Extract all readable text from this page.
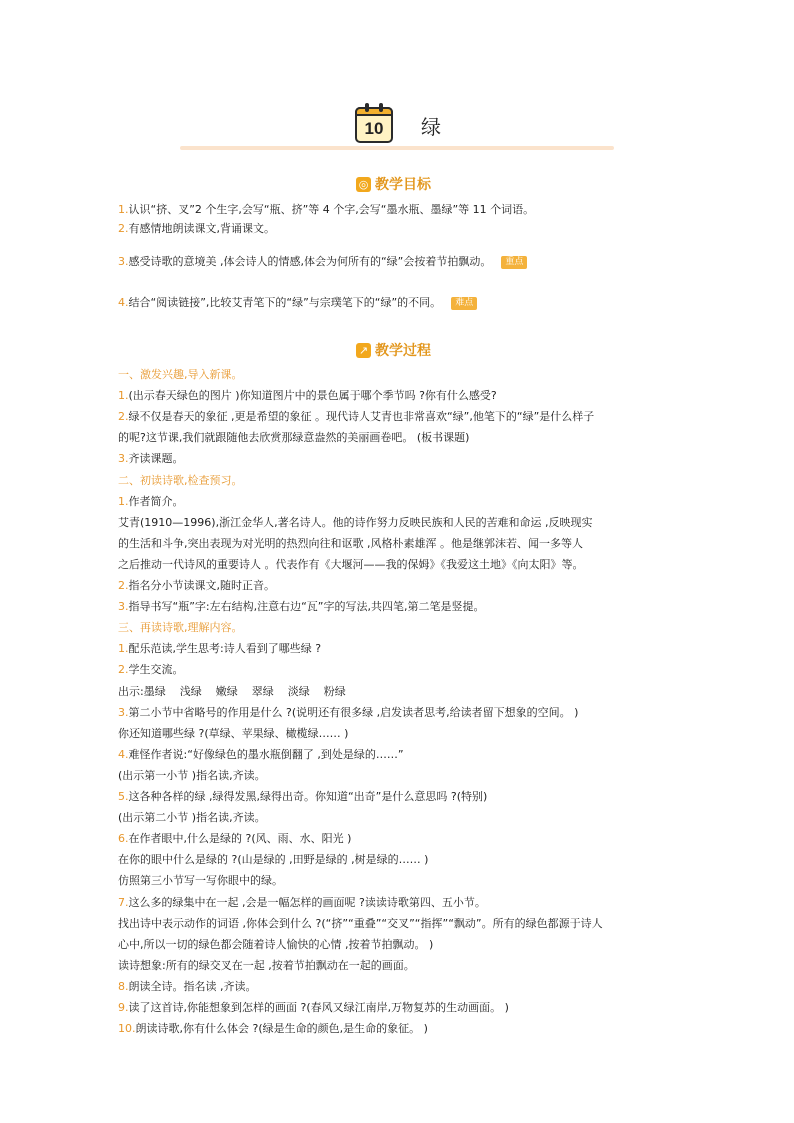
10	绿
◎ 教学目标
1.认识“挤、叉”2 个生字,会写“瓶、挤”等 4 个字,会写“墨水瓶、墨绿”等 11 个词语。
2.有感情地朗读课文,背诵课文。
3.感受诗歌的意境美 ,体会诗人的情感,体会为何所有的“绿”会按着节拍飘动。 重点
4.结合“阅读链接”,比较艾青笔下的“绿”与宗璞笔下的“绿”的不同。 难点
↗ 教学过程
一、激发兴趣,导入新课。
1.(出示春天绿色的图片 )你知道图片中的景色属于哪个季节吗 ?你有什么感受?
2.绿不仅是春天的象征 ,更是希望的象征 。现代诗人艾青也非常喜欢“绿”,他笔下的“绿”是什么样子
的呢?这节课,我们就跟随他去欣赏那绿意盎然的美丽画卷吧。 (板书课题)
3.齐读课题。
二、初读诗歌,检查预习。
1.作者简介。
艾青(1910—1996),浙江金华人,著名诗人。他的诗作努力反映民族和人民的苦难和命运 ,反映现实
的生活和斗争,突出表现为对光明的热烈向往和讴歌 ,风格朴素雄浑 。他是继郭沫若、闻一多等人
之后推动一代诗风的重要诗人 。代表作有《大堰河——我的保姆》《我爱这土地》《向太阳》等。
2.指名分小节读课文,随时正音。
3.指导书写“瓶”字:左右结构,注意右边“瓦”字的写法,共四笔,第二笔是竖提。
三、再读诗歌,理解内容。
1.配乐范读,学生思考:诗人看到了哪些绿 ?
2.学生交流。
出示:墨绿 浅绿 嫩绿 翠绿 淡绿 粉绿
3.第二小节中省略号的作用是什么 ?(说明还有很多绿 ,启发读者思考,给读者留下想象的空间。 )
你还知道哪些绿 ?(草绿、苹果绿、橄榄绿…… )
4.难怪作者说:“好像绿色的墨水瓶倒翻了 ,到处是绿的……”
(出示第一小节 )指名读,齐读。
5.这各种各样的绿 ,绿得发黑,绿得出奇。你知道“出奇”是什么意思吗 ?(特别)
(出示第二小节 )指名读,齐读。
6.在作者眼中,什么是绿的 ?(风、雨、水、阳光 )
在你的眼中什么是绿的 ?(山是绿的 ,田野是绿的 ,树是绿的…… )
仿照第三小节写一写你眼中的绿。
7.这么多的绿集中在一起 ,会是一幅怎样的画面呢 ?读读诗歌第四、五小节。
找出诗中表示动作的词语 ,你体会到什么 ?(“挤”“重叠”“交叉”“指挥”“飘动”。所有的绿色都源于诗人
心中,所以一切的绿色都会随着诗人愉快的心情 ,按着节拍飘动。 )
读诗想象:所有的绿交叉在一起 ,按着节拍飘动在一起的画面。
8.朗读全诗。指名读 ,齐读。
9.读了这首诗,你能想象到怎样的画面 ?(春风又绿江南岸,万物复苏的生动画面。 )
10.朗读诗歌,你有什么体会 ?(绿是生命的颜色,是生命的象征。 )
